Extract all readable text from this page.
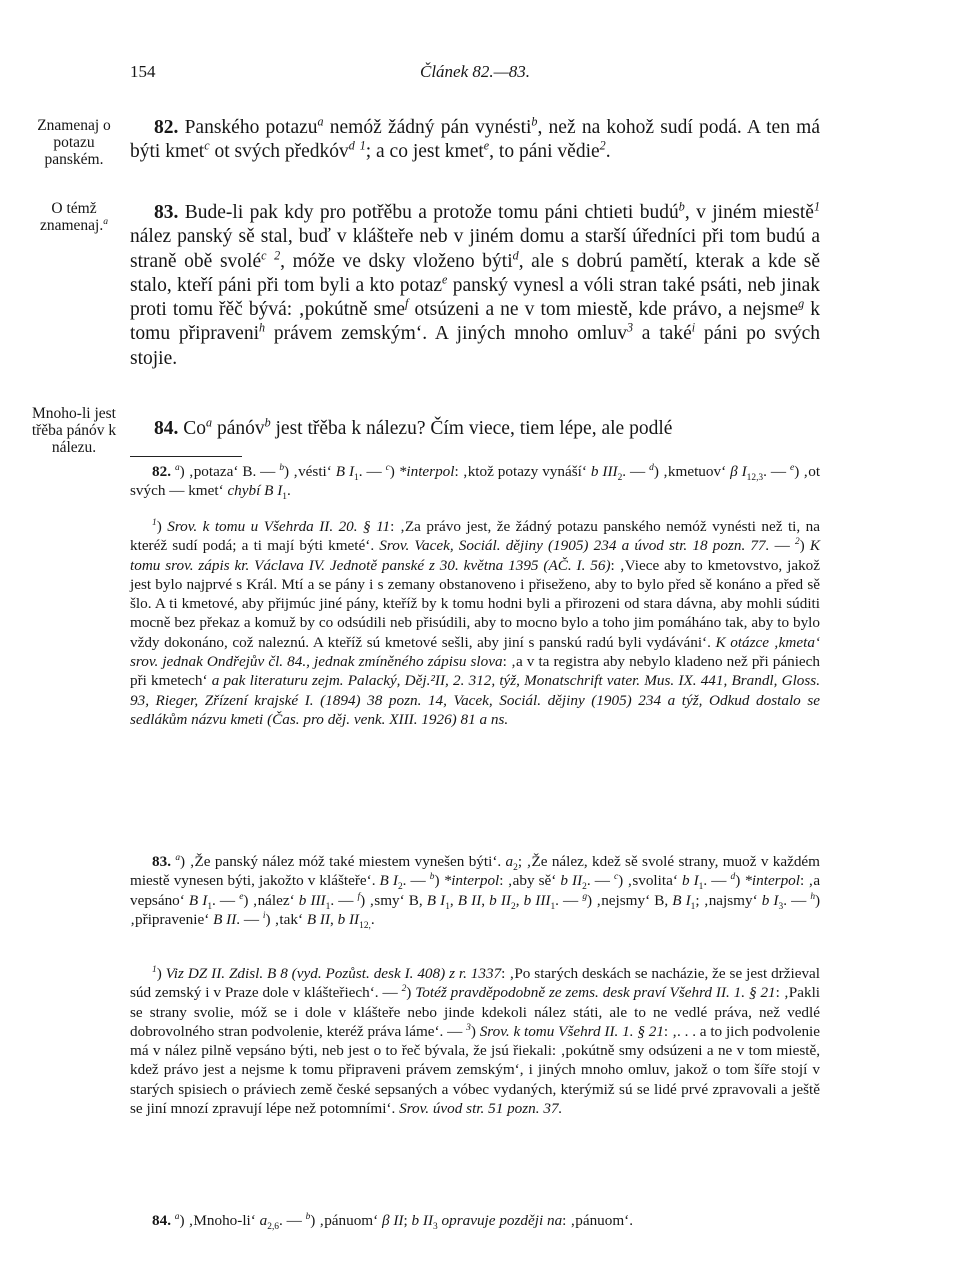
154	Článek 82.—83.
Znamenaj o potazu panském.
O témž znamenaj.$^a$
Mnoho-li jest třěba pánóv k nálezu.

82. Panského potazu$^a$ nemóž žádný pán vynésti$^b$, než na kohož sudí podá. A ten má býti kmet$^c$ ot svých předkóv$^d$ $^1$; a co jest kmet$^e$, to páni vědie$^2$.

83. Bude-li pak kdy pro potřěbu a protože tomu páni chtieti budú$^b$, v jiném miestě$^1$ nález panský sě stal, buď v klášteře neb v jiném domu a starší úředníci při tom budú a straně obě svolé$^c$ $^2$, móže ve dsky vloženo býti$^d$, ale s dobrú pamětí, kterak a kde sě stalo, kteří páni při tom byli a kto potaz$^e$ panský vynesl a vóli stran také psáti, neb jinak proti tomu řěč bývá: ‚pokútně sme$^f$ otsúzeni a ne v tom miestě, kde právo, a nejsme$^g$ k tomu připraveni$^h$ právem zemským‘. A jiných mnoho omluv$^3$ a také$^i$ páni po svých stojie.

84. Co$^a$ pánóv$^b$ jest třěba k nálezu? Čím viece, tiem lépe, ale podlé

82. $^a$) ‚potaza‘ B. — $^b$) ‚vésti‘ B $I_1$. — $^c$) *interpol: ‚ktož potazy vynáší‘ b $III_2$. — $^d$) ‚kmetuov‘ β $I_{12,3}$. — $^e$) ‚ot svých — kmet‘ chybí B $I_1$.

$^1$) Srov. k tomu u Všehrda II. 20. § 11: ‚Za právo jest, že žádný potazu panského nemóž vynésti než ti, na kteréž sudí podá; a ti mají býti kmeté‘. Srov. Vacek, Sociál. dějiny (1905) 234 a úvod str. 18 pozn. 77. — $^2$) K tomu srov. zápis kr. Václava IV. Jednotě panské z 30. května 1395 (AČ. I. 56): ‚Viece aby to kmetovstvo, jakož jest bylo najprvé s Král. Mtí a se pány i s zemany obstanoveno i přiseženo, aby to bylo před sě konáno a před sě šlo. A ti kmetové, aby přijmúc jiné pány, kteříž by k tomu hodni byli a přirozeni od stara dávna, aby mohli súditi mocně bez překaz a komuž by co odsúdili neb přisúdili, aby to mocno bylo a toho jim pomáháno tak, aby to bylo vždy dokonáno, což naleznú. A kteříž sú kmetové sešli, aby jiní s panskú radú byli vydáváni‘. K otázce ‚kmeta‘ srov. jednak Ondřejův čl. 84., jednak zmíněného zápisu slova: ‚a v ta registra aby nebylo kladeno než při pániech při kmetech‘ a pak literaturu zejm. Palacký, Děj.²II, 2. 312, týž, Monatschrift vater. Mus. IX. 441, Brandl, Gloss. 93, Rieger, Zřízení krajské I. (1894) 38 pozn. 14, Vacek, Sociál. dějiny (1905) 234 a týž, Odkud dostalo se sedlákům názvu kmeti (Čas. pro děj. venk. XIII. 1926) 81 a ns.

83. $^a$) ‚Že panský nález móž také miestem vynešen býti‘. $a_2$; ‚Že nález, kdež sě svolé strany, muož v každém miestě vynesen býti, jakožto v klášteře‘. B $I_2$. — $^b$) *interpol: ‚aby sě‘ b $II_2$. — $^c$) ‚svolita‘ b $I_1$. — $^d$) *interpol: ‚a vepsáno‘ B $I_1$. — $^e$) ‚nález‘ b $III_1$. — $^f$) ‚smy‘ B, B $I_1$, B II, b $II_2$, b $III_1$. — $^g$) ‚nejsmy‘ B, B $I_1$; ‚najsmy‘ b $I_3$. — $^h$) ‚připravenie‘ B II. — $^i$) ‚tak‘ B II, b $II_{12,}$.

$^1$) Viz DZ II. Zdisl. B 8 (vyd. Pozůst. desk I. 408) z r. 1337: ‚Po starých deskách se nacházie, že se jest držieval súd zemský i v Praze dole v klášteřiech‘. — $^2$) Totéž pravděpodobně ze zems. desk praví Všehrd II. 1. § 21: ‚Pakli se strany svolie, móž se i dole v klášteře nebo jinde kdekoli nález státi, ale to ne vedlé práva, než vedlé dobrovolného stran podvolenie, kteréž práva láme‘. — $^3$) Srov. k tomu Všehrd II. 1. § 21: ‚. . . a to jich podvolenie má v nález pilně vepsáno býti, neb jest o to řeč bývala, že jsú řiekali: ‚pokútně smy odsúzeni a ne v tom miestě, kdež právo jest a nejsme k tomu připraveni právem zemským‘, i jiných mnoho omluv, jakož o tom šíře stojí v starých spisiech o práviech země české sepsaných a vóbec vydaných, kterýmiž sú se lidé prvé zpravovali a ještě se jiní mnozí zpravují lépe než potomními‘. Srov. úvod str. 51 pozn. 37.

84. $^a$) ‚Mnoho-li‘ $a_{2,6}$. — $^b$) ‚pánuom‘ β II; b $II_3$ opravuje později na: ‚pánuom‘.
